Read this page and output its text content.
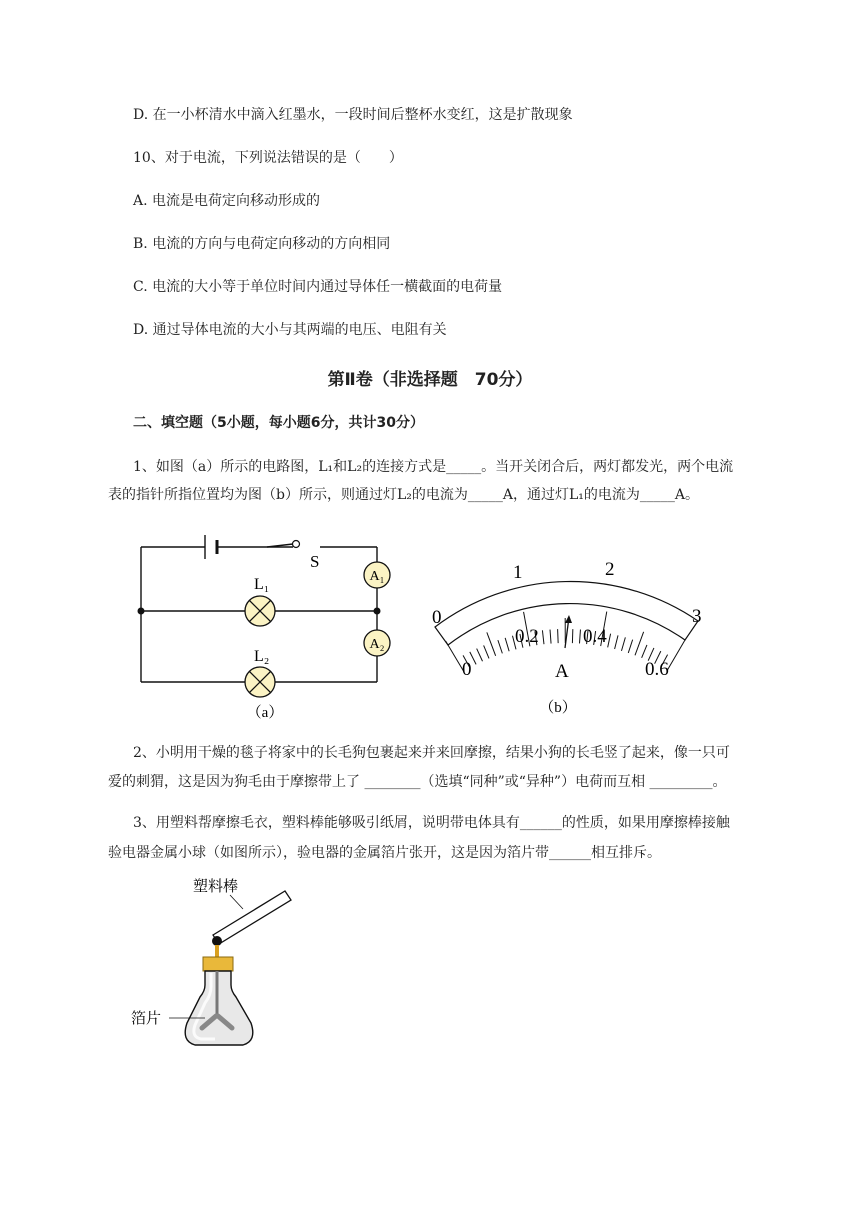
D. 在一小杯清水中滴入红墨水，一段时间后整杯水变红，这是扩散现象
10、对于电流，下列说法错误的是（　　）
A. 电流是电荷定向移动形成的
B. 电流的方向与电荷定向移动的方向相同
C. 电流的大小等于单位时间内通过导体任一横截面的电荷量
D. 通过导体电流的大小与其两端的电压、电阻有关
第Ⅱ卷（非选择题　70分）
二、填空题（5小题，每小题6分，共计30分）
1、如图（a）所示的电路图，L₁和L₂的连接方式是_____。当开关闭合后，两灯都发光，两个电流
表的指针所指位置均为图（b）所示，则通过灯L₂的电流为_____A，通过灯L₁的电流为_____A。
S
L₁
L₂
A₁
A₂
（a）
0
1	2
3
0
0.2 0.4
0.6
A
（b）
2、小明用干燥的毯子将家中的长毛狗包裹起来并来回摩擦，结果小狗的长毛竖了起来，像一只可
爱的刺猬，这是因为狗毛由于摩擦带上了 ________（选填“同种”或“异种”）电荷而互相 _________。
3、用塑料帮摩擦毛衣，塑料棒能够吸引纸屑，说明带电体具有______的性质，如果用摩擦棒接触
验电器金属小球（如图所示），验电器的金属箔片张开，这是因为箔片带______相互排斥。
塑料棒
箔片
